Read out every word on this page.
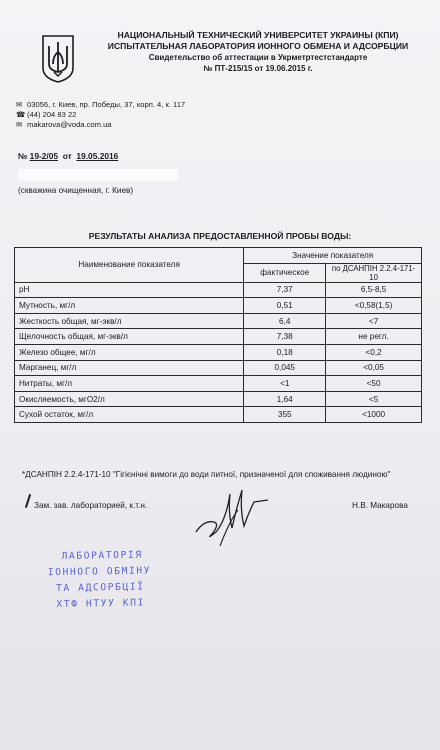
НАЦИОНАЛЬНЫЙ ТЕХНИЧЕСКИЙ УНИВЕРСИТЕТ УКРАИНЫ (КПИ)
ИСПЫТАТЕЛЬНАЯ ЛАБОРАТОРИЯ ИОННОГО ОБМЕНА И АДСОРБЦИИ
Свидетельство об аттестации в Укрметртестстандарте
№ ПТ-215/15 от 19.06.2015 г.
✉ 03056, г. Киев, пр. Победы, 37, корп. 4, к. 117
☎ (44) 204 83 22
✉ makarova@voda.com.ua
№ 19-2/05 от 19.05.2016
(скважина очищенная, г. Киев)
РЕЗУЛЬТАТЫ АНАЛИЗА ПРЕДОСТАВЛЕННОЙ ПРОБЫ ВОДЫ:
Наименование показателя	Значение показателя	
	фактическое	по ДСАНПІН 2.2.4-171-10
pH	7,37	6,5-8,5
Мутность, мг/л	0,51	<0,58(1,5)
Жесткость общая, мг-экв/л	6,4	<7
Щелочность общая, мг-экв/л	7,38	не регл.
Железо общее, мг/л	0,18	<0,2
Марганец, мг/л	0,045	<0,05
Нитраты, мг/л	<1	<50
Окисляемость, мгО2/л	1,64	<5
Сухой остаток, мг/л	355	<1000
*ДСАНПІН 2.2.4-171-10 "Гігієнічні вимоги до води питної, призначеної для споживання людиною"
Зам. зав. лабораторией, к.т.н.	Н.В. Макарова
ЛАБОРАТОРІЯ
ІОННОГО ОБМІНУ
ТА АДСОРБЦІЇ
ХТФ НТУУ КПІ
